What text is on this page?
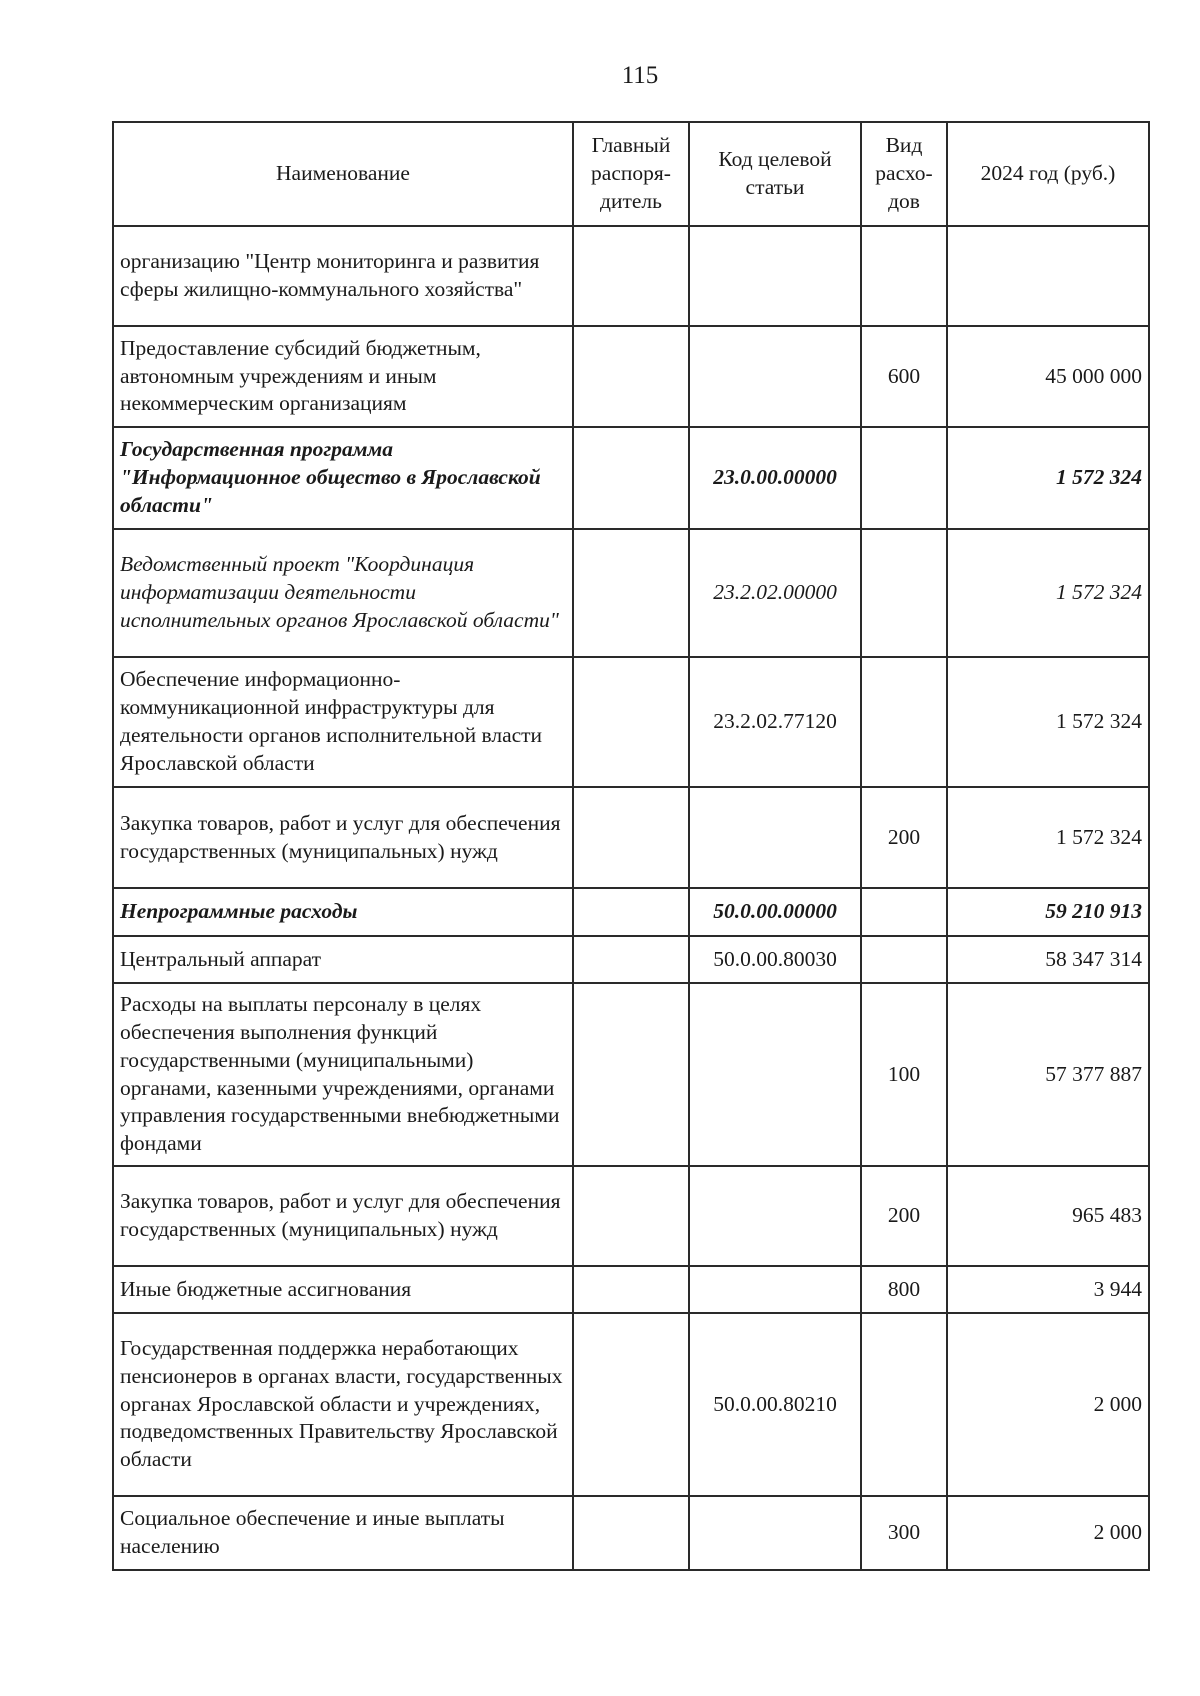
115
Наименование	Главный распоря-дитель	Код целевой статьи	Вид расхо-дов	2024 год (руб.)
организацию "Центр мониторинга и развития сферы жилищно-коммунального хозяйства"				
Предоставление субсидий бюджетным, автономным учреждениям и иным некоммерческим организациям			600	45 000 000
Государственная программа "Информационное общество в Ярославской области"		23.0.00.00000		1 572 324
Ведомственный проект "Координация информатизации деятельности исполнительных органов Ярославской области"		23.2.02.00000		1 572 324
Обеспечение информационно-коммуникационной инфраструктуры для деятельности органов исполнительной власти Ярославской области		23.2.02.77120		1 572 324
Закупка товаров, работ и услуг для обеспечения государственных (муниципальных) нужд			200	1 572 324
Непрограммные расходы		50.0.00.00000		59 210 913
Центральный аппарат		50.0.00.80030		58 347 314
Расходы на выплаты персоналу в целях обеспечения выполнения функций государственными (муниципальными) органами, казенными учреждениями, органами управления государственными внебюджетными фондами			100	57 377 887
Закупка товаров, работ и услуг для обеспечения государственных (муниципальных) нужд			200	965 483
Иные бюджетные ассигнования			800	3 944
Государственная поддержка неработающих пенсионеров в органах власти, государственных органах Ярославской области и учреждениях, подведомственных Правительству Ярославской области		50.0.00.80210		2 000
Социальное обеспечение и иные выплаты населению			300	2 000
